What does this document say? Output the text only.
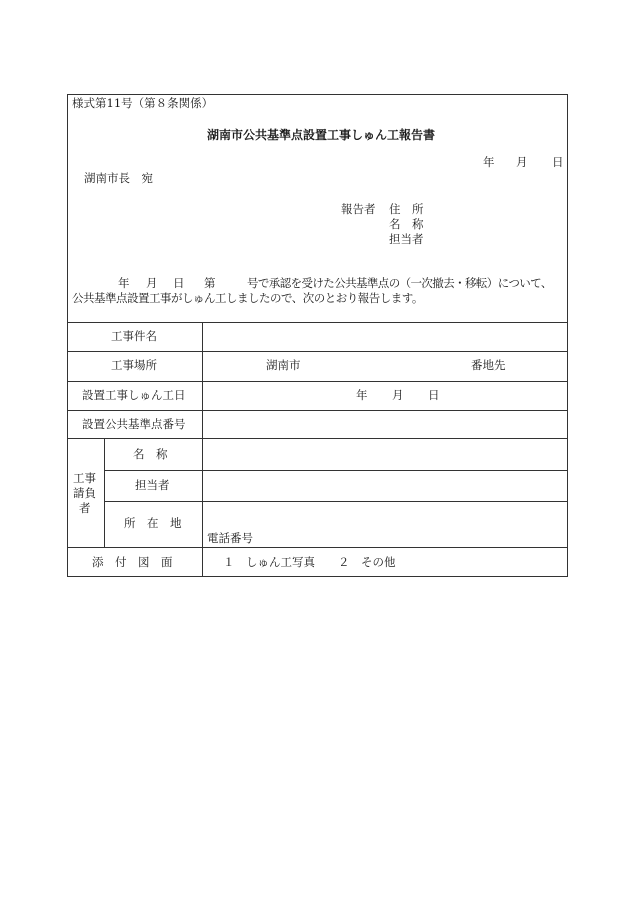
様式第11号（第８条関係）
湖南市公共基準点設置工事しゅん工報告書
年 月 日
湖南市長　宛
報告者 住　所
名　称
担当者
年 月 日 第	号で承認を受けた公共基準点の（一次撤去・移転）について、
公共基準点設置工事がしゅん工しましたので、次のとおり報告します。
工事件名
工事場所
設置工事しゅん工日
設置公共基準点番号
工事
請負
者
名　称
担当者
所　在　地
添　付　図　面
湖南市	番地先
年 月 日
電話番号
１　しゅん工写真　　２　その他
